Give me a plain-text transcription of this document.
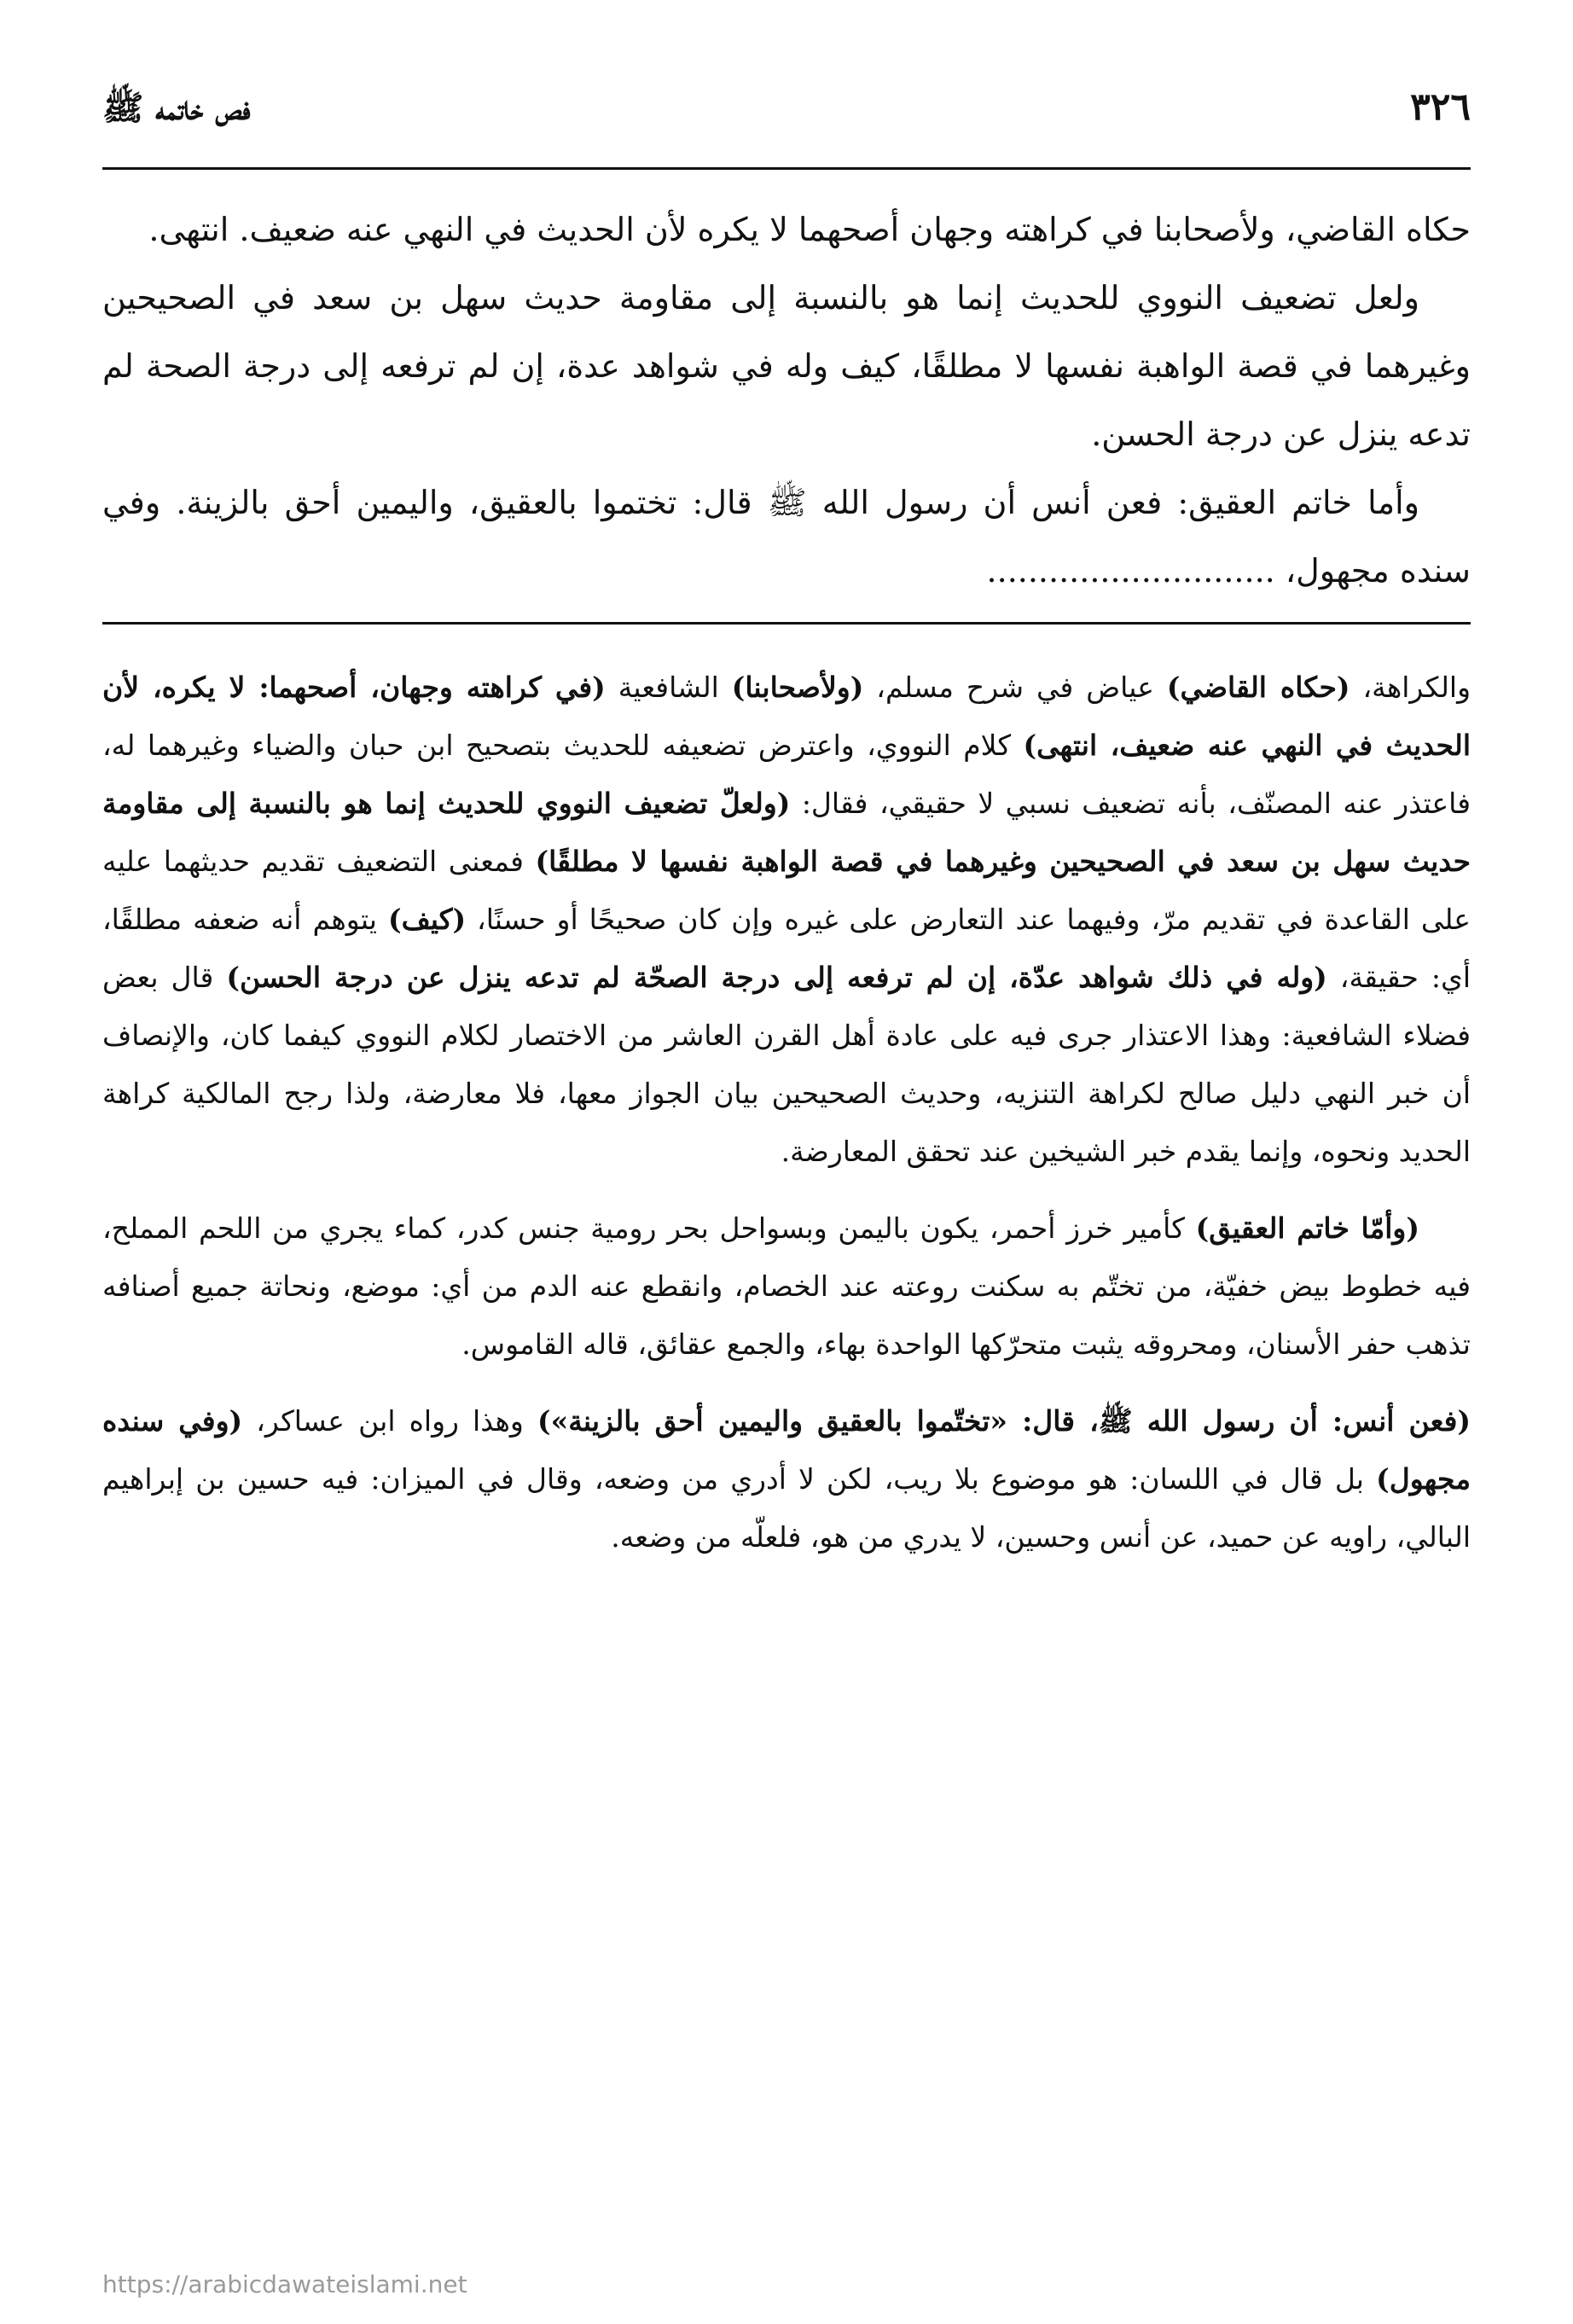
٣٢٦
فص خاتمه ﷺ

حكاه القاضي، ولأصحابنا في كراهته وجهان أصحهما لا يكره لأن الحديث في النهي عنه ضعيف. انتهى.

ولعل تضعيف النووي للحديث إنما هو بالنسبة إلى مقاومة حديث سهل بن سعد في الصحيحين وغيرهما في قصة الواهبة نفسها لا مطلقًا، كيف وله في شواهد عدة، إن لم ترفعه إلى درجة الصحة لم تدعه ينزل عن درجة الحسن.

وأما خاتم العقيق: فعن أنس أن رسول الله ﷺ قال: تختموا بالعقيق، واليمين أحق بالزينة. وفي سنده مجهول، ............................

والكراهة، (حكاه القاضي) عياض في شرح مسلم، (ولأصحابنا) الشافعية (في كراهته وجهان، أصحهما: لا يكره، لأن الحديث في النهي عنه ضعيف، انتهى) كلام النووي، واعترض تضعيفه للحديث بتصحيح ابن حبان والضياء وغيرهما له، فاعتذر عنه المصنّف، بأنه تضعيف نسبي لا حقيقي، فقال: (ولعلّ تضعيف النووي للحديث إنما هو بالنسبة إلى مقاومة حديث سهل بن سعد في الصحيحين وغيرهما في قصة الواهبة نفسها لا مطلقًا) فمعنى التضعيف تقديم حديثهما عليه على القاعدة في تقديم مرّ، وفيهما عند التعارض على غيره وإن كان صحيحًا أو حسنًا، (كيف) يتوهم أنه ضعفه مطلقًا، أي: حقيقة، (وله في ذلك شواهد عدّة، إن لم ترفعه إلى درجة الصحّة لم تدعه ينزل عن درجة الحسن) قال بعض فضلاء الشافعية: وهذا الاعتذار جرى فيه على عادة أهل القرن العاشر من الاختصار لكلام النووي كيفما كان، والإنصاف أن خبر النهي دليل صالح لكراهة التنزيه، وحديث الصحيحين بيان الجواز معها، فلا معارضة، ولذا رجح المالكية كراهة الحديد ونحوه، وإنما يقدم خبر الشيخين عند تحقق المعارضة.

(وأمّا خاتم العقيق) كأمير خرز أحمر، يكون باليمن وبسواحل بحر رومية جنس كدر، كماء يجري من اللحم المملح، فيه خطوط بيض خفيّة، من تختّم به سكنت روعته عند الخصام، وانقطع عنه الدم من أي: موضع، ونحاتة جميع أصنافه تذهب حفر الأسنان، ومحروقه يثبت متحرّكها الواحدة بهاء، والجمع عقائق، قاله القاموس.

(فعن أنس: أن رسول الله ﷺ، قال: «تختّموا بالعقيق واليمين أحق بالزينة») وهذا رواه ابن عساكر، (وفي سنده مجهول) بل قال في اللسان: هو موضوع بلا ريب، لكن لا أدري من وضعه، وقال في الميزان: فيه حسين بن إبراهيم البالي، راويه عن حميد، عن أنس وحسين، لا يدري من هو، فلعلّه من وضعه.

https://arabicdawateislami.net
